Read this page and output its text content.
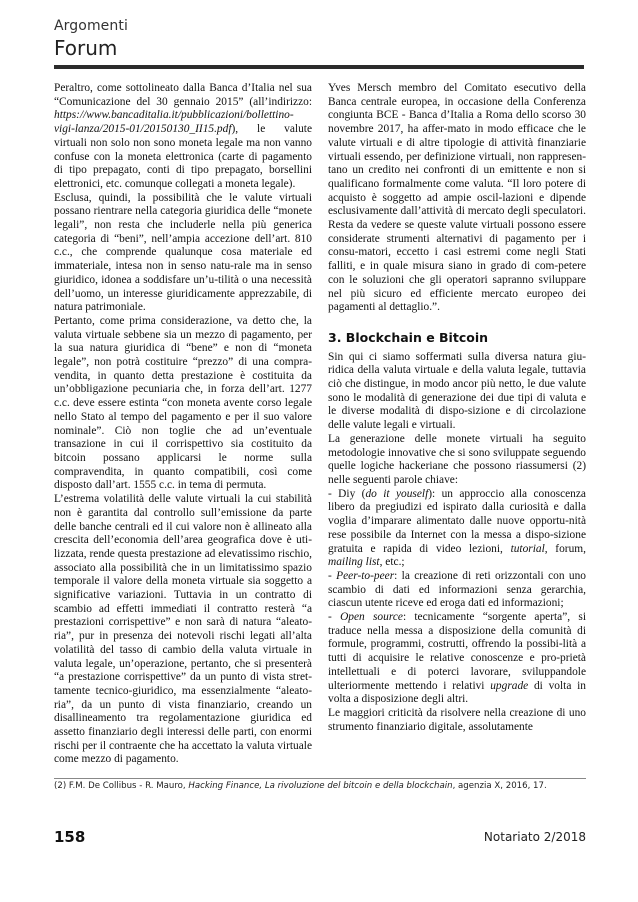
Argomenti
Forum

Peraltro, come sottolineato dalla Banca d’Italia nel sua “Comunicazione del 30 gennaio 2015” (all’indirizzo: https://www.bancaditalia.it/pubblicazioni/bollettino-vigi-lanza/2015-01/20150130_II15.pdf), le valute virtuali non solo non sono moneta legale ma non vanno confuse con la moneta elettronica (carte di pagamento di tipo prepagato, conti di tipo prepagato, borsellini elettronici, etc. comunque collegati a moneta legale).

Esclusa, quindi, la possibilità che le valute virtuali possano rientrare nella categoria giuridica delle “monete legali”, non resta che includerle nella più generica categoria di “beni”, nell’ampia accezione dell’art. 810 c.c., che comprende qualunque cosa materiale ed immateriale, intesa non in senso natu-rale ma in senso giuridico, idonea a soddisfare un’u-tilità o una necessità dell’uomo, un interesse giuridicamente apprezzabile, di natura patrimoniale.

Pertanto, come prima considerazione, va detto che, la valuta virtuale sebbene sia un mezzo di pagamento, per la sua natura giuridica di “bene” e non di “moneta legale”, non potrà costituire “prezzo” di una compra-vendita, in quanto detta prestazione è costituita da un’obbligazione pecuniaria che, in forza dell’art. 1277 c.c. deve essere estinta “con moneta avente corso legale nello Stato al tempo del pagamento e per il suo valore nominale”. Ciò non toglie che ad un’eventuale transazione in cui il corrispettivo sia costituito da bitcoin possano applicarsi le norme sulla compravendita, in quanto compatibili, così come disposto dall’art. 1555 c.c. in tema di permuta.

L’estrema volatilità delle valute virtuali la cui stabilità non è garantita dal controllo sull’emissione da parte delle banche centrali ed il cui valore non è allineato alla crescita dell’economia dell’area geografica dove è uti-lizzata, rende questa prestazione ad elevatissimo rischio, associato alla possibilità che in un limitatissimo spazio temporale il valore della moneta virtuale sia soggetto a significative variazioni. Tuttavia in un contratto di scambio ad effetti immediati il contratto resterà “a prestazioni corrispettive” e non sarà di natura “aleato-ria”, pur in presenza dei notevoli rischi legati all’alta volatilità del tasso di cambio della valuta virtuale in valuta legale, un’operazione, pertanto, che si presenterà “a prestazione corrispettive” da un punto di vista stret-tamente tecnico-giuridico, ma essenzialmente “aleato-ria”, da un punto di vista finanziario, creando un disallineamento tra regolamentazione giuridica ed assetto finanziario degli interessi delle parti, con enormi rischi per il contraente che ha accettato la valuta virtuale come mezzo di pagamento.

Yves Mersch membro del Comitato esecutivo della Banca centrale europea, in occasione della Conferenza congiunta BCE - Banca d’Italia a Roma dello scorso 30 novembre 2017, ha affer-mato in modo efficace che le valute virtuali e di altre tipologie di attività finanziarie virtuali essendo, per definizione virtuali, non rappresen-tano un credito nei confronti di un emittente e non si qualificano formalmente come valuta. “Il loro potere di acquisto è soggetto ad ampie oscil-lazioni e dipende esclusivamente dall’attività di mercato degli speculatori. Resta da vedere se queste valute virtuali possono essere considerate strumenti alternativi di pagamento per i consu-matori, eccetto i casi estremi come negli Stati falliti, e in quale misura siano in grado di com-petere con le soluzioni che gli operatori sapranno sviluppare nel più sicuro ed efficiente mercato europeo dei pagamenti al dettaglio.”.

3. Blockchain e Bitcoin

Sin qui ci siamo soffermati sulla diversa natura giu-ridica della valuta virtuale e della valuta legale, tuttavia ciò che distingue, in modo ancor più netto, le due valute sono le modalità di generazione dei due tipi di valuta e le diverse modalità di dispo-sizione e di circolazione delle valute legali e virtuali.

La generazione delle monete virtuali ha seguito metodologie innovative che si sono sviluppate seguendo quelle logiche hackeriane che possono riassumersi (2) nelle seguenti parole chiave:

- Diy (do it youself): un approccio alla conoscenza libero da pregiudizi ed ispirato dalla curiosità e dalla voglia d’imparare alimentato dalle nuove opportu-nità rese possibile da Internet con la messa a dispo-sizione gratuita e rapida di video lezioni, tutorial, forum, mailing list, etc.;

- Peer-to-peer: la creazione di reti orizzontali con uno scambio di dati ed informazioni senza gerarchia, ciascun utente riceve ed eroga dati ed informazioni;

- Open source: tecnicamente “sorgente aperta”, si traduce nella messa a disposizione della comunità di formule, programmi, costrutti, offrendo la possibi-lità a tutti di acquisire le relative conoscenze e pro-prietà intellettuali e di poterci lavorare, sviluppandole ulteriormente mettendo i relativi upgrade di volta in volta a disposizione degli altri.

Le maggiori criticità da risolvere nella creazione di uno strumento finanziario digitale, assolutamente

(2) F.M. De Collibus - R. Mauro, Hacking Finance, La rivoluzione del bitcoin e della blockchain, agenzia X, 2016, 17.
158	Notariato 2/2018
